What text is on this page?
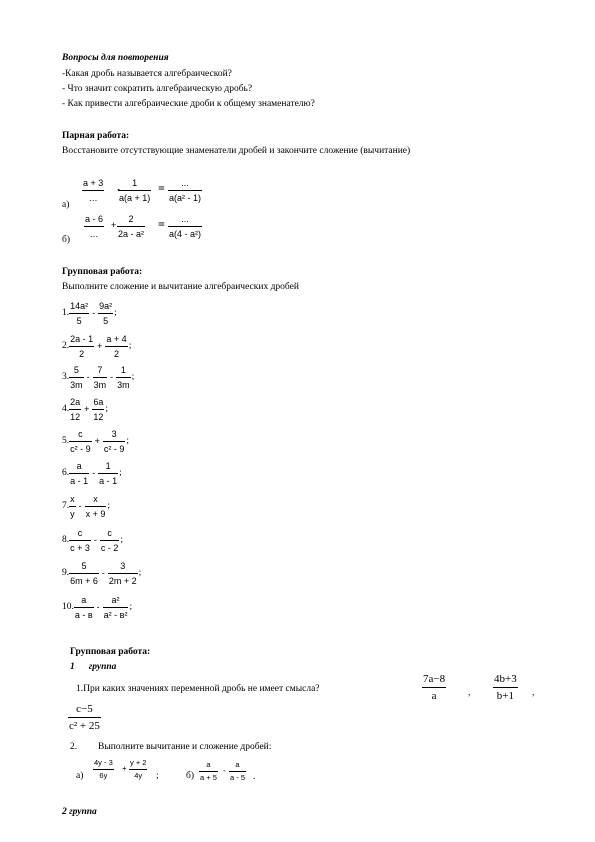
Вопросы для повторения
-Какая дробь называется алгебраической?
- Что значит сократить алгебраическую дробь?
- Как привести алгебраические дроби к общему знаменателю?
Парная работа:
Восстановите отсутствующие знаменатели дробей и закончите сложение (вычитание)
а)
a + 3
…
-
1
a(a + 1)
= ...
a(a² - 1)
б)
a - 6
…
+
2
2a - a²
= ...
a(4 - a²)
Групповая работа:
Выполните сложение и вычитание алгебраических дробей
1.
14a²
5
-
9a²
5
;
2.
2a - 1
2
+
a + 4
2
;
3.
5
3m
-
7
3m
-
1
3m
;
4.
2a
12
+
6a
12
;
5.
c
c² - 9
+
3
c² - 9
;
6.
a
a - 1
-
1
a - 1
;
7.
x
y
-
x
x + 9
;
8.
c
c + 3
-
c
c - 2
;
9.
5
6m + 6
-
3
2m + 2
;
10.
a
a - в
-
a²
a² - в²
;
Групповая работа:
1 группа
1.При каких значениях переменной дробь не имеет смысла?
7a−8
a	,
4b+3
b+1 ,
c−5
c² + 25
2. Выполните вычитание и сложение дробей:
а)
4y - 3
6y
+
y + 2
4y ;	б)
a
a + 5
-
a
a - 5 .
2 группа
